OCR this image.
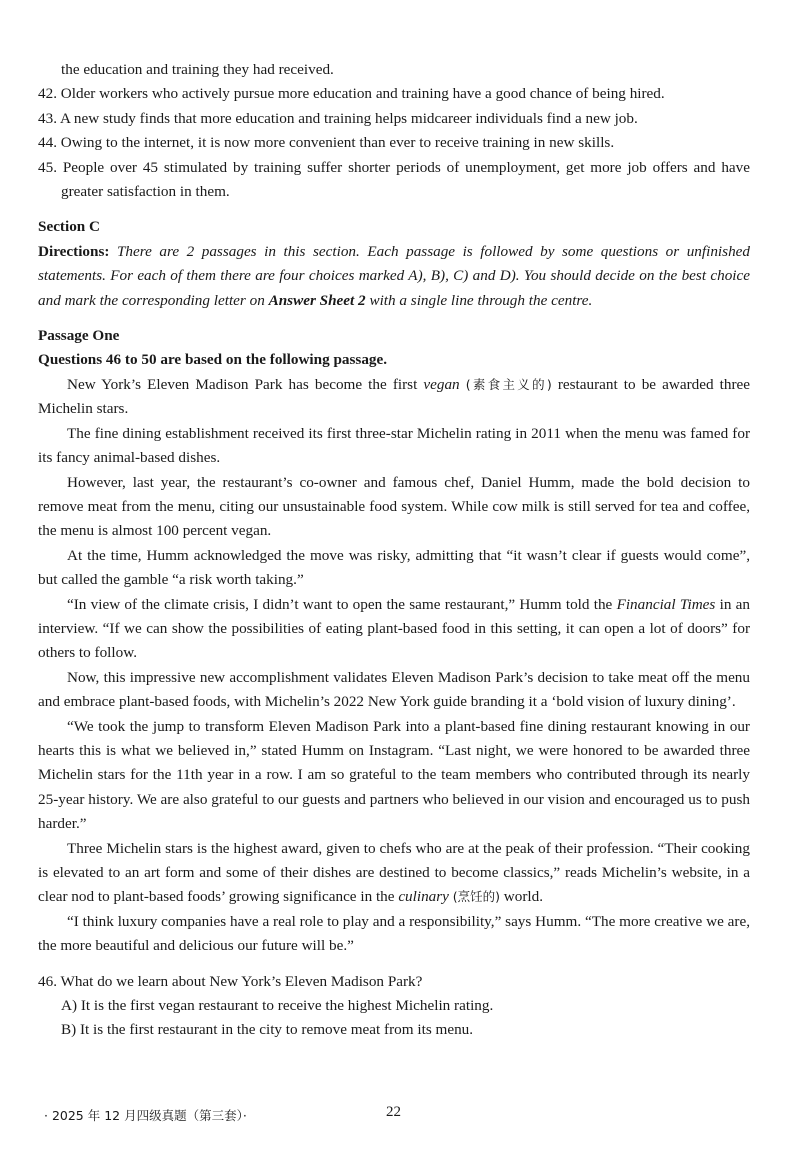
the education and training they had received.

42. Older workers who actively pursue more education and training have a good chance of being hired.

43. A new study finds that more education and training helps midcareer individuals find a new job.

44. Owing to the internet, it is now more convenient than ever to receive training in new skills.

45. People over 45 stimulated by training suffer shorter periods of unemployment, get more job offers and have greater satisfaction in them.

Section C

Directions: There are 2 passages in this section. Each passage is followed by some questions or unfinished statements. For each of them there are four choices marked A), B), C) and D). You should decide on the best choice and mark the corresponding letter on Answer Sheet 2 with a single line through the centre.

Passage One

Questions 46 to 50 are based on the following passage.

New York’s Eleven Madison Park has become the first vegan (素食主义的) restaurant to be awarded three Michelin stars.

The fine dining establishment received its first three-star Michelin rating in 2011 when the menu was famed for its fancy animal-based dishes.

However, last year, the restaurant’s co-owner and famous chef, Daniel Humm, made the bold decision to remove meat from the menu, citing our unsustainable food system. While cow milk is still served for tea and coffee, the menu is almost 100 percent vegan.

At the time, Humm acknowledged the move was risky, admitting that “it wasn’t clear if guests would come”, but called the gamble “a risk worth taking.”

“In view of the climate crisis, I didn’t want to open the same restaurant,” Humm told the Financial Times in an interview. “If we can show the possibilities of eating plant-based food in this setting, it can open a lot of doors” for others to follow.

Now, this impressive new accomplishment validates Eleven Madison Park’s decision to take meat off the menu and embrace plant-based foods, with Michelin’s 2022 New York guide branding it a ‘bold vision of luxury dining’.

“We took the jump to transform Eleven Madison Park into a plant-based fine dining restaurant knowing in our hearts this is what we believed in,” stated Humm on Instagram. “Last night, we were honored to be awarded three Michelin stars for the 11th year in a row. I am so grateful to the team members who contributed through its nearly 25-year history. We are also grateful to our guests and partners who believed in our vision and encouraged us to push harder.”

Three Michelin stars is the highest award, given to chefs who are at the peak of their profession. “Their cooking is elevated to an art form and some of their dishes are destined to become classics,” reads Michelin’s website, in a clear nod to plant-based foods’ growing significance in the culinary (烹饪的) world.

“I think luxury companies have a real role to play and a responsibility,” says Humm. “The more creative we are, the more beautiful and delicious our future will be.”

46. What do we learn about New York’s Eleven Madison Park?

A) It is the first vegan restaurant to receive the highest Michelin rating.

B) It is the first restaurant in the city to remove meat from its menu.

· 2025 年 12 月四级真题（第三套）·	22
